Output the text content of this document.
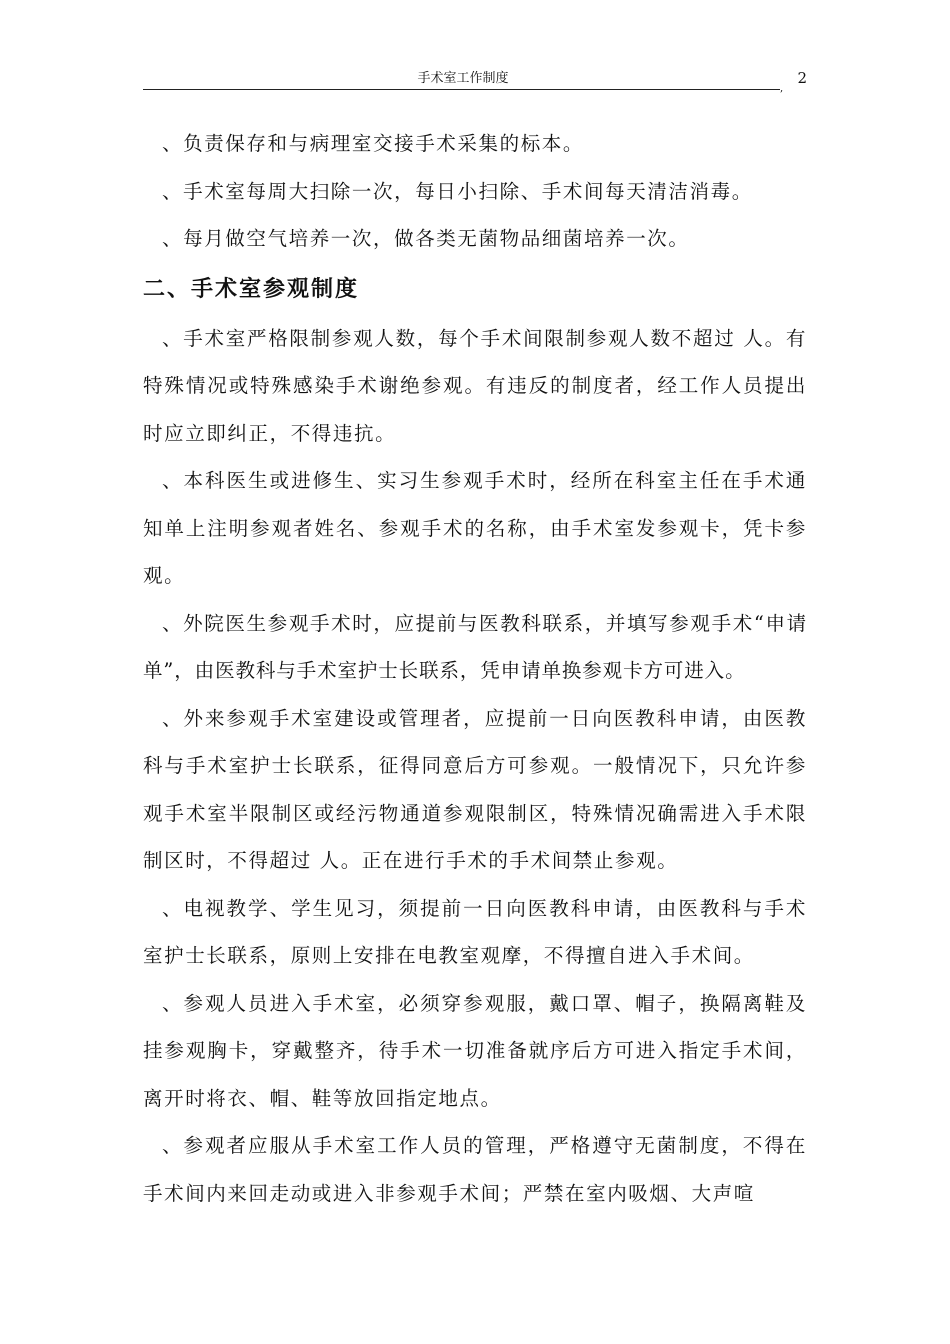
手术室工作制度	2
,

、负责保存和与病理室交接手术采集的标本。

、手术室每周大扫除一次，每日小扫除、手术间每天清洁消毒。

、每月做空气培养一次，做各类无菌物品细菌培养一次。

二、手术室参观制度

、手术室严格限制参观人数，每个手术间限制参观人数不超过 人。有特殊情况或特殊感染手术谢绝参观。有违反的制度者，经工作人员提出时应立即纠正，不得违抗。

、本科医生或进修生、实习生参观手术时，经所在科室主任在手术通知单上注明参观者姓名、参观手术的名称，由手术室发参观卡，凭卡参观。

、外院医生参观手术时，应提前与医教科联系，并填写参观手术“申请单”，由医教科与手术室护士长联系，凭申请单换参观卡方可进入。

、外来参观手术室建设或管理者，应提前一日向医教科申请，由医教科与手术室护士长联系，征得同意后方可参观。一般情况下，只允许参观手术室半限制区或经污物通道参观限制区，特殊情况确需进入手术限制区时，不得超过 人。正在进行手术的手术间禁止参观。

、电视教学、学生见习，须提前一日向医教科申请，由医教科与手术室护士长联系，原则上安排在电教室观摩，不得擅自进入手术间。

、参观人员进入手术室，必须穿参观服，戴口罩、帽子，换隔离鞋及挂参观胸卡，穿戴整齐，待手术一切准备就序后方可进入指定手术间，离开时将衣、帽、鞋等放回指定地点。

、参观者应服从手术室工作人员的管理，严格遵守无菌制度，不得在手术间内来回走动或进入非参观手术间；严禁在室内吸烟、大声喧
